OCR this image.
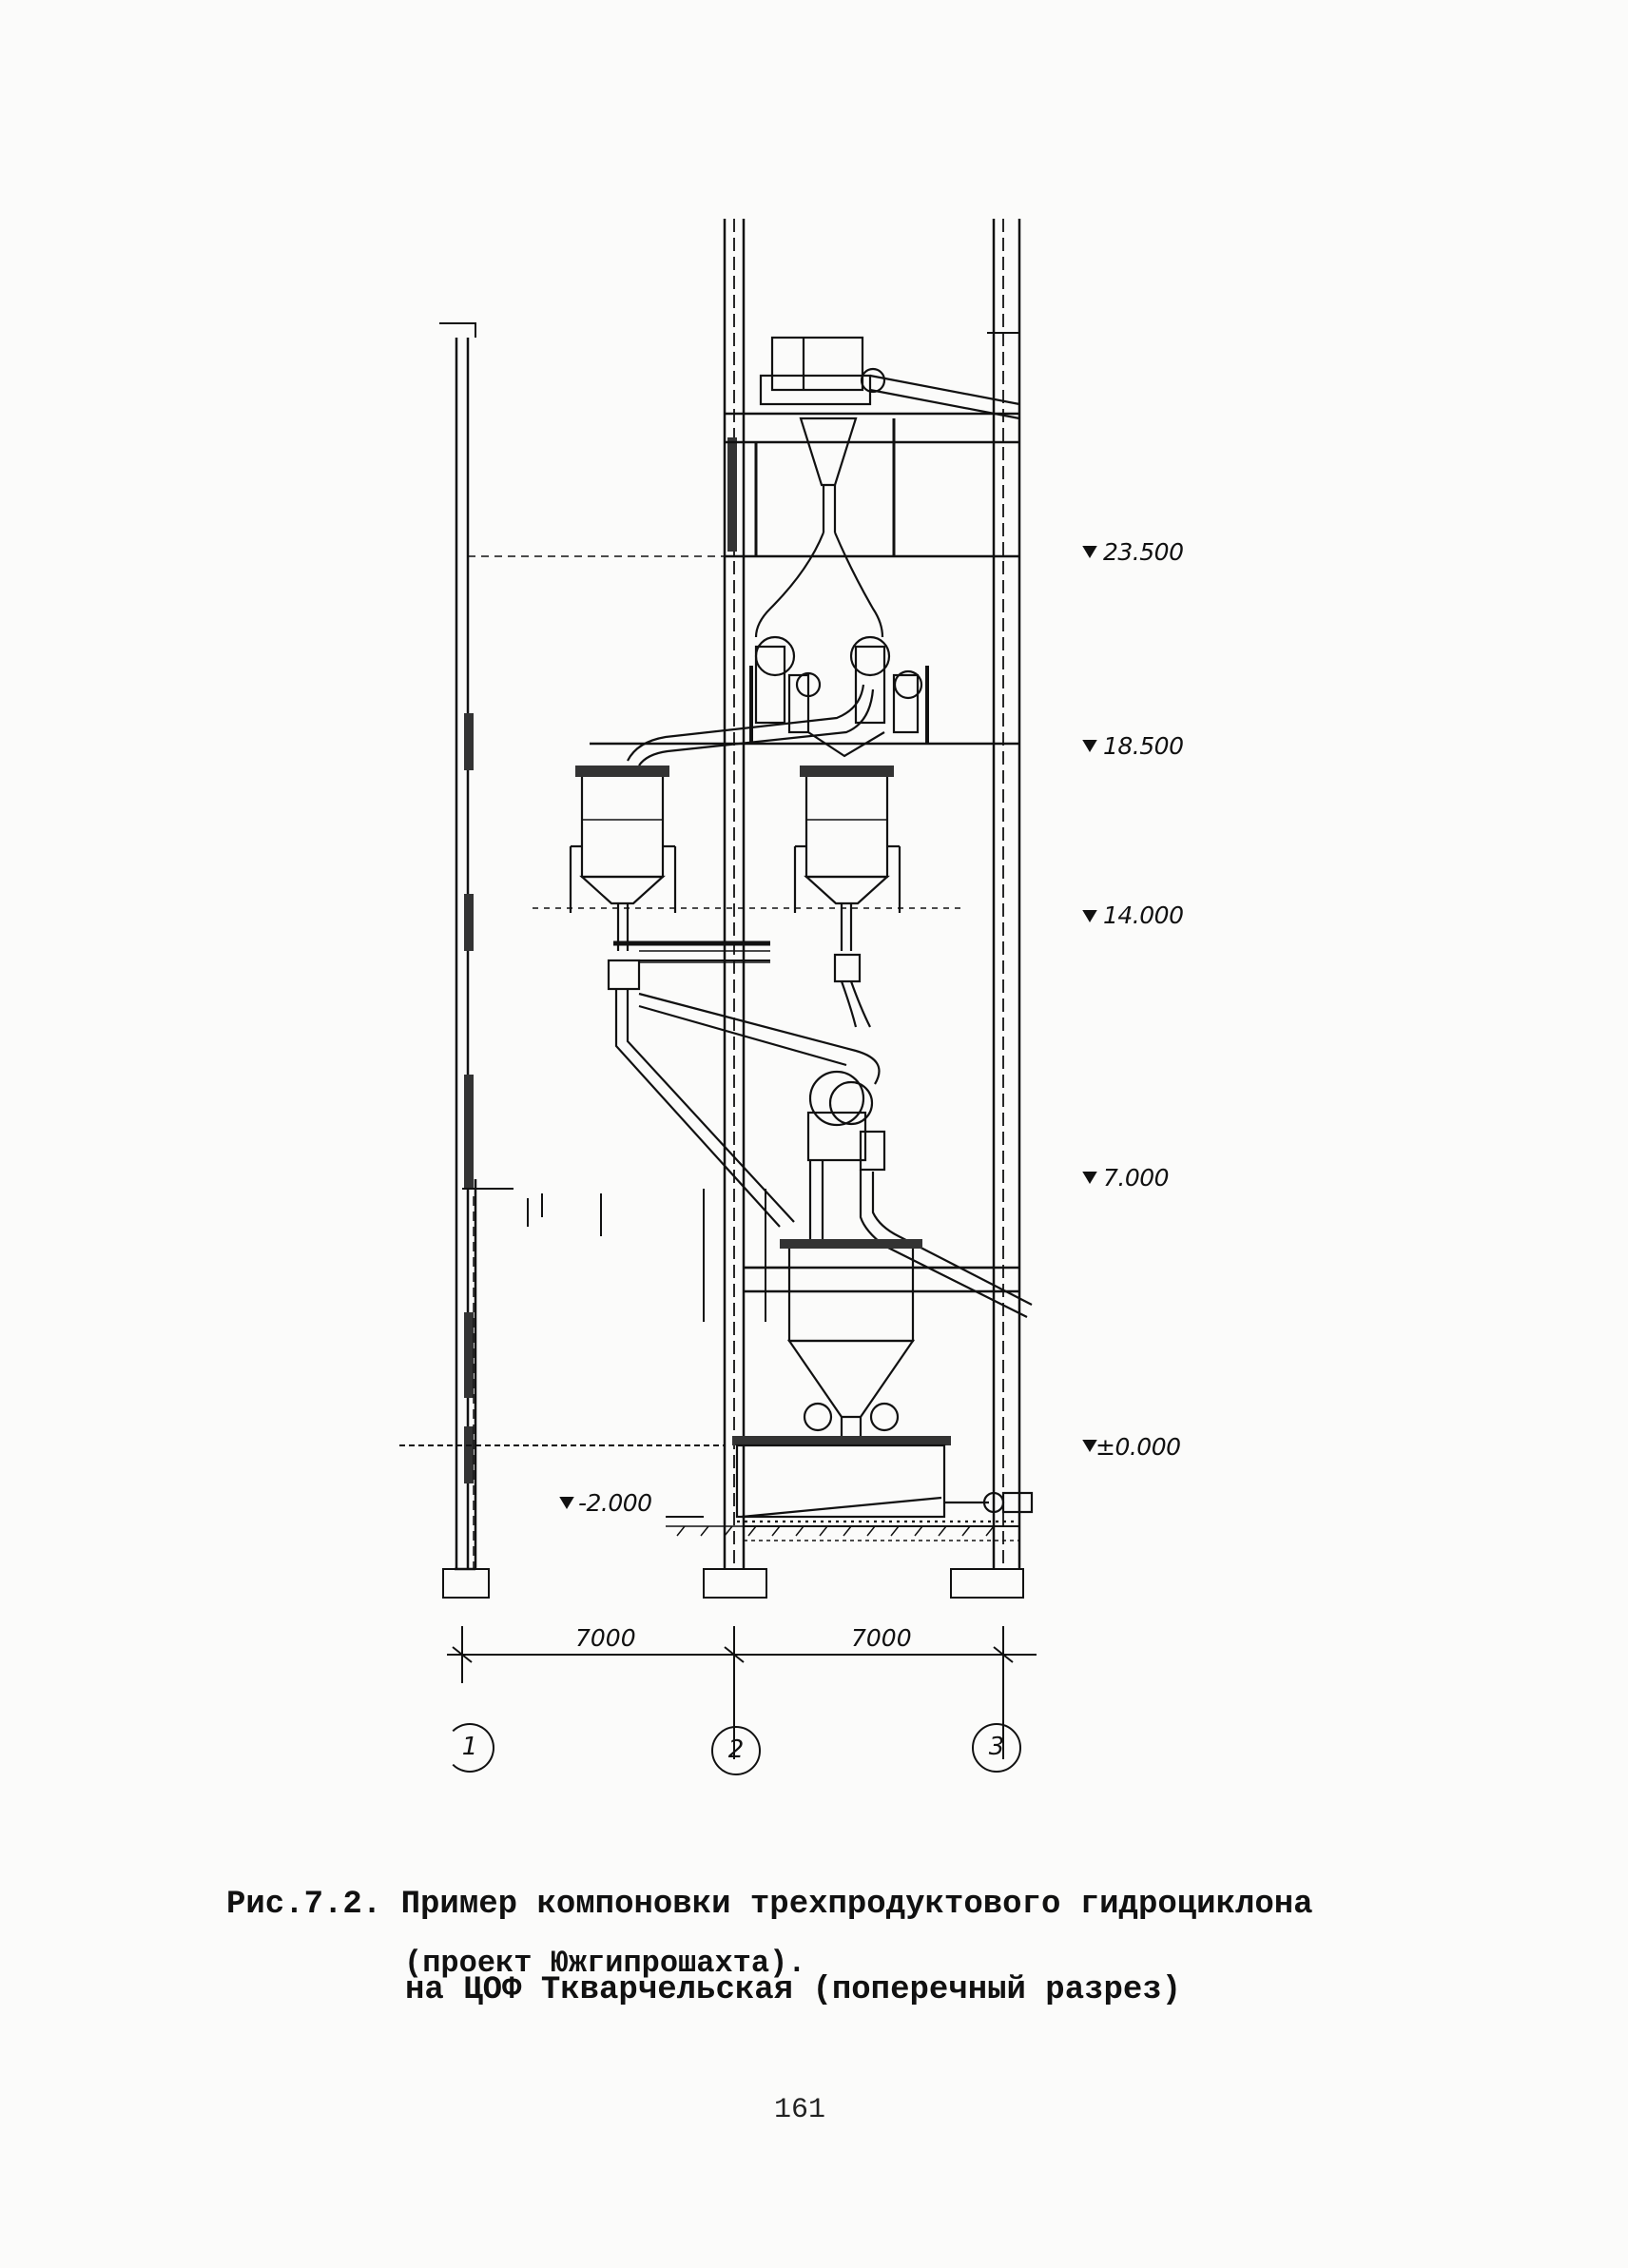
23.500
18.500
14.000
7.000
±0.000
-2.000
7000	7000
1	2	3

Рис.7.2. Пример компоновки трехпродуктового гидроциклона

на ЦОФ Ткварчельская (поперечный разрез)

(проект Южгипрошахта).
161
